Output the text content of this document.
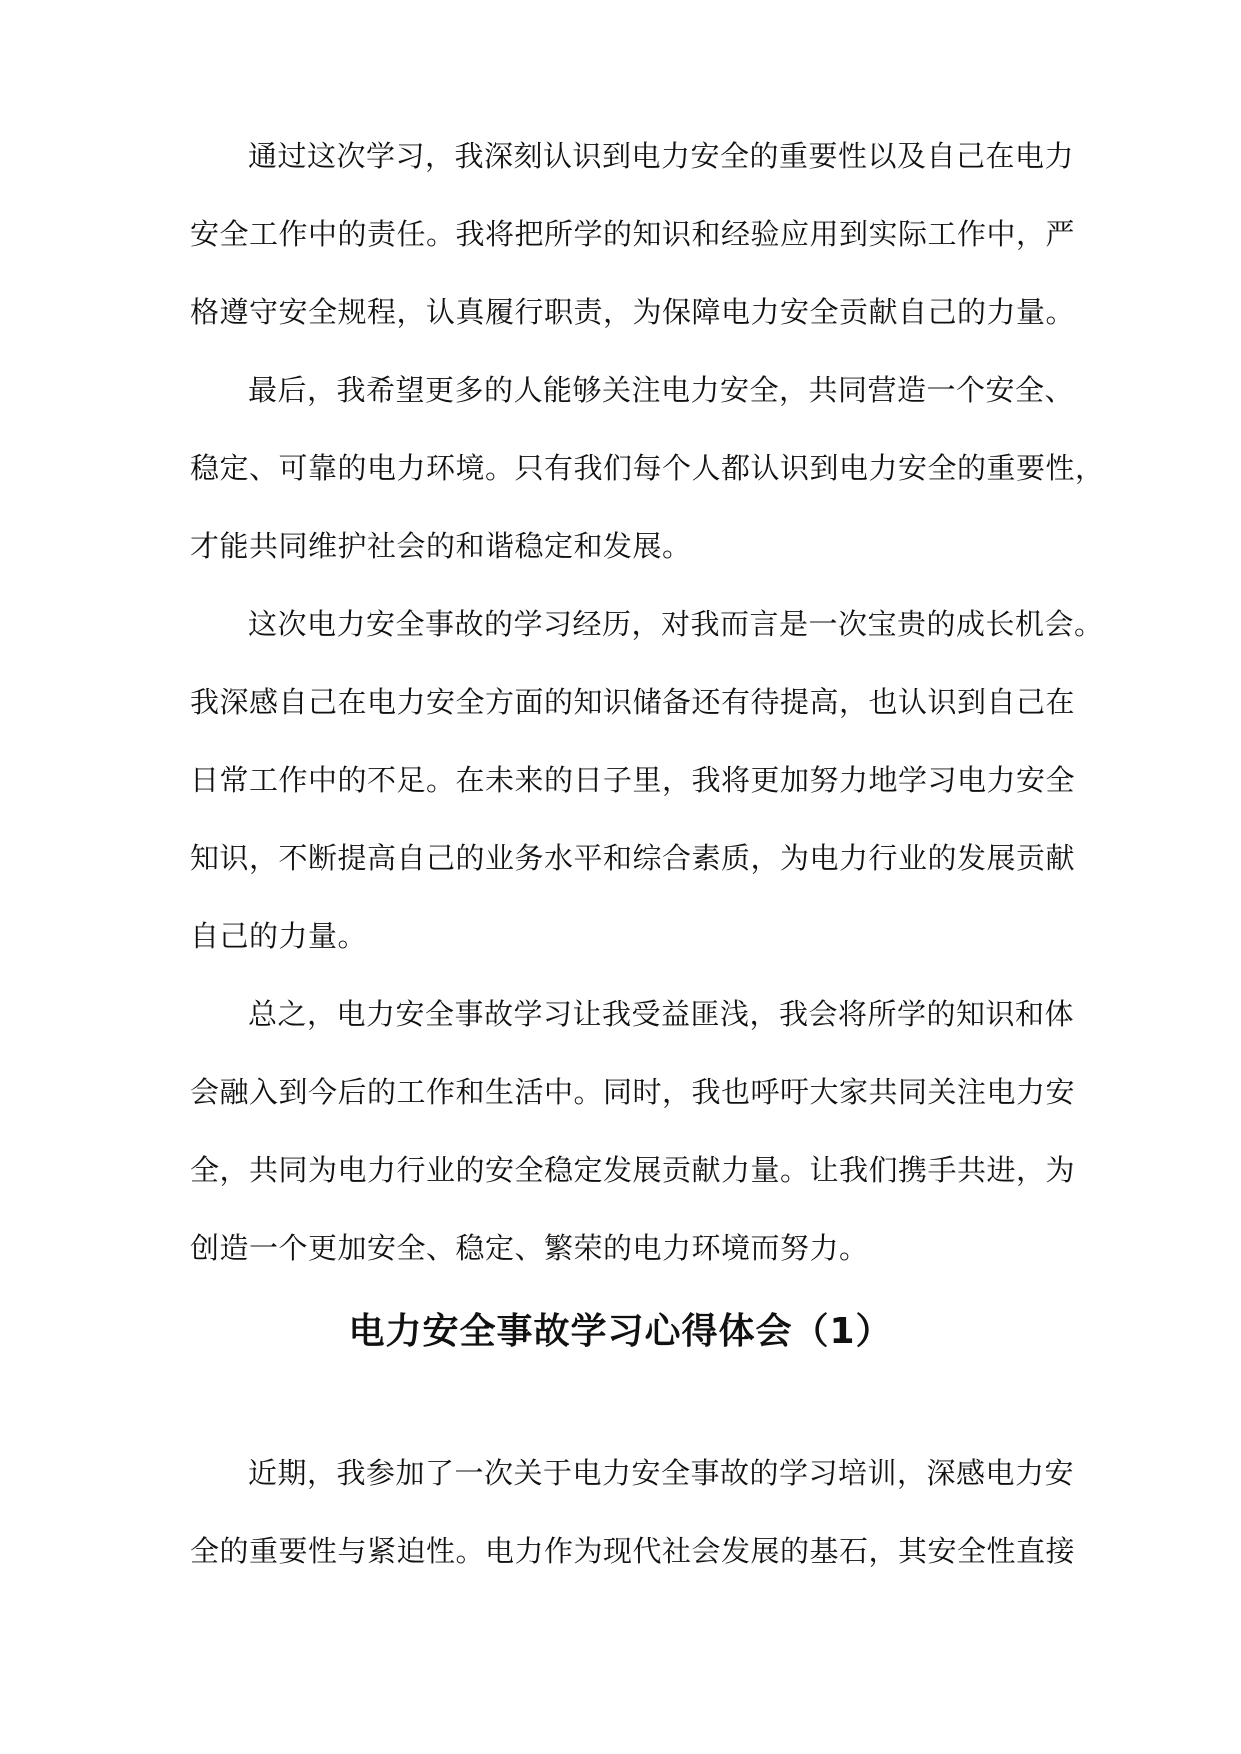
通过这次学习，我深刻认识到电力安全的重要性以及自己在电力
安全工作中的责任。我将把所学的知识和经验应用到实际工作中，严
格遵守安全规程，认真履行职责，为保障电力安全贡献自己的力量。
最后，我希望更多的人能够关注电力安全，共同营造一个安全、
稳定、可靠的电力环境。只有我们每个人都认识到电力安全的重要性，
才能共同维护社会的和谐稳定和发展。
这次电力安全事故的学习经历，对我而言是一次宝贵的成长机会。
我深感自己在电力安全方面的知识储备还有待提高，也认识到自己在
日常工作中的不足。在未来的日子里，我将更加努力地学习电力安全
知识，不断提高自己的业务水平和综合素质，为电力行业的发展贡献
自己的力量。
总之，电力安全事故学习让我受益匪浅，我会将所学的知识和体
会融入到今后的工作和生活中。同时，我也呼吁大家共同关注电力安
全，共同为电力行业的安全稳定发展贡献力量。让我们携手共进，为
创造一个更加安全、稳定、繁荣的电力环境而努力。
近期，我参加了一次关于电力安全事故的学习培训，深感电力安
全的重要性与紧迫性。电力作为现代社会发展的基石，其安全性直接
电力安全事故学习心得体会（1）
